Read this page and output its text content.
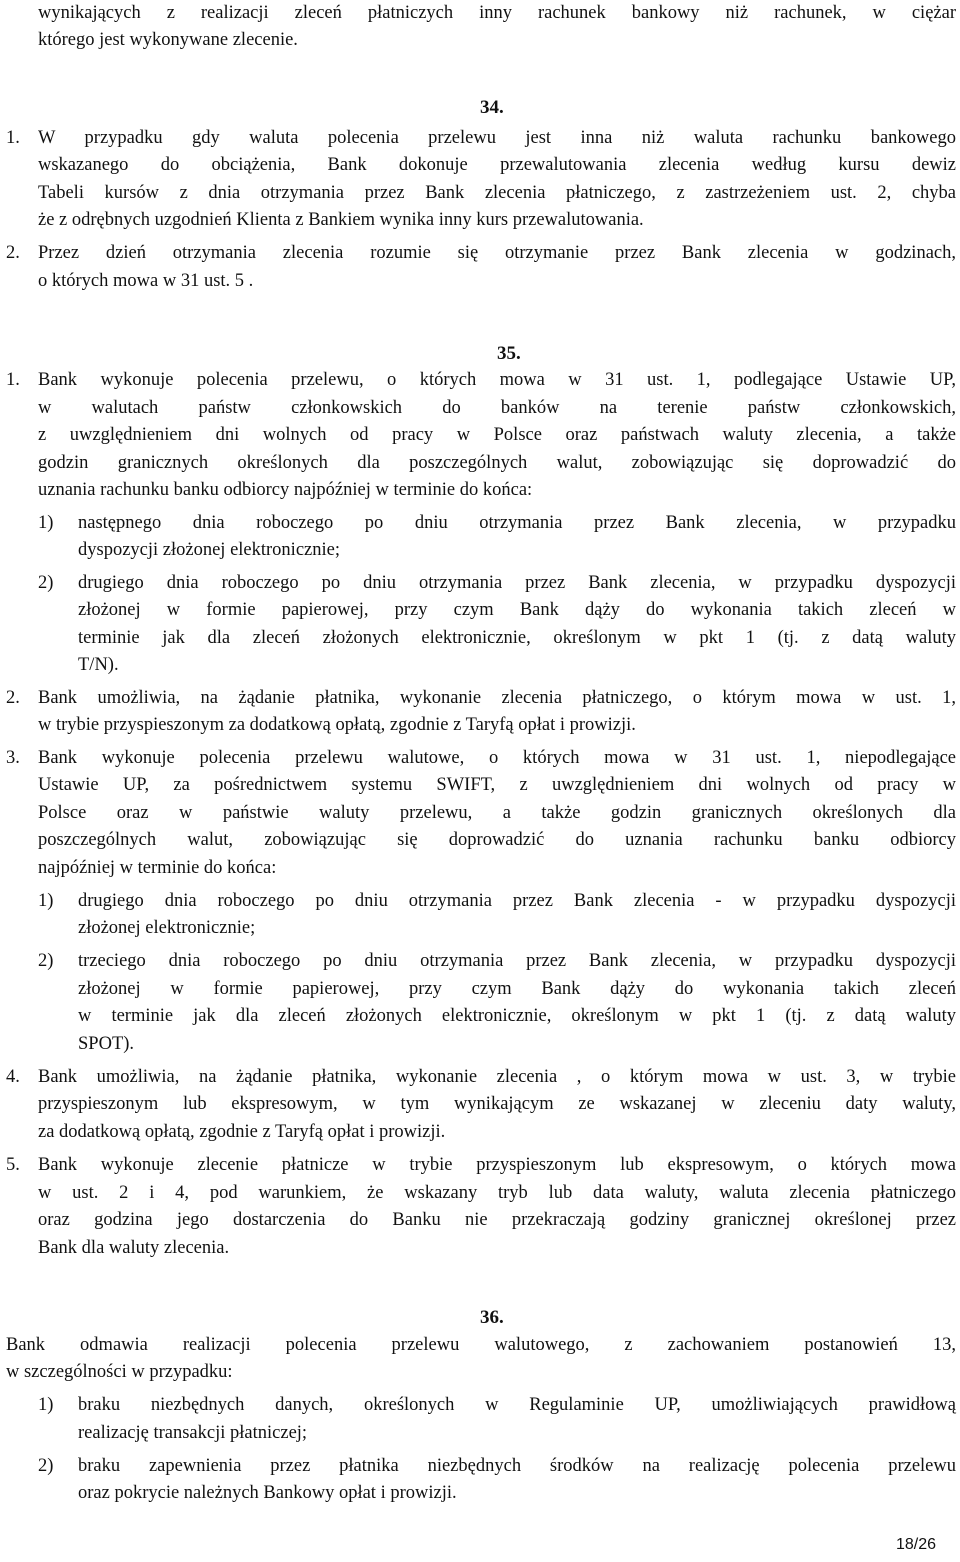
wynikających z realizacji zleceń płatniczych inny rachunek bankowy niż rachunek, w ciężar
którego jest wykonywane zlecenie.
34.
1. W przypadku gdy waluta polecenia przelewu jest inna niż waluta rachunku bankowego
wskazanego do obciążenia, Bank dokonuje przewalutowania zlecenia według kursu dewiz
Tabeli kursów z dnia otrzymania przez Bank zlecenia płatniczego, z zastrzeżeniem ust. 2, chyba
że z odrębnych uzgodnień Klienta z Bankiem wynika inny kurs przewalutowania.
2. Przez dzień otrzymania zlecenia rozumie się otrzymanie przez Bank zlecenia w godzinach,
o których mowa w 31 ust. 5 .
35.
1. Bank wykonuje polecenia przelewu, o których mowa w 31 ust. 1, podlegające Ustawie UP,
w walutach państw członkowskich do banków na terenie państw członkowskich,
z uwzględnieniem dni wolnych od pracy w Polsce oraz państwach waluty zlecenia, a także
godzin granicznych określonych dla poszczególnych walut, zobowiązując się doprowadzić do
uznania rachunku banku odbiorcy najpóźniej w terminie do końca:
1) następnego dnia roboczego po dniu otrzymania przez Bank zlecenia, w przypadku
dyspozycji złożonej elektronicznie;
2) drugiego dnia roboczego po dniu otrzymania przez Bank zlecenia, w przypadku dyspozycji
złożonej w formie papierowej, przy czym Bank dąży do wykonania takich zleceń w
terminie jak dla zleceń złożonych elektronicznie, określonym w pkt 1 (tj. z datą waluty
T/N).
2. Bank umożliwia, na żądanie płatnika, wykonanie zlecenia płatniczego, o którym mowa w ust. 1,
w trybie przyspieszonym za dodatkową opłatą, zgodnie z Taryfą opłat i prowizji.
3. Bank wykonuje polecenia przelewu walutowe, o których mowa w 31 ust. 1, niepodlegające
Ustawie UP, za pośrednictwem systemu SWIFT, z uwzględnieniem dni wolnych od pracy w
Polsce oraz w państwie waluty przelewu, a także godzin granicznych określonych dla
poszczególnych walut, zobowiązując się doprowadzić do uznania rachunku banku odbiorcy
najpóźniej w terminie do końca:
1) drugiego dnia roboczego po dniu otrzymania przez Bank zlecenia - w przypadku dyspozycji
złożonej elektronicznie;
2) trzeciego dnia roboczego po dniu otrzymania przez Bank zlecenia, w przypadku dyspozycji
złożonej w formie papierowej, przy czym Bank dąży do wykonania takich zleceń
w terminie jak dla zleceń złożonych elektronicznie, określonym w pkt 1 (tj. z datą waluty
SPOT).
4. Bank umożliwia, na żądanie płatnika, wykonanie zlecenia , o którym mowa w ust. 3, w trybie
przyspieszonym lub ekspresowym, w tym wynikającym ze wskazanej w zleceniu daty waluty,
za dodatkową opłatą, zgodnie z Taryfą opłat i prowizji.
5. Bank wykonuje zlecenie płatnicze w trybie przyspieszonym lub ekspresowym, o których mowa
w ust. 2 i 4, pod warunkiem, że wskazany tryb lub data waluty, waluta zlecenia płatniczego
oraz godzina jego dostarczenia do Banku nie przekraczają godziny granicznej określonej przez
Bank dla waluty zlecenia.
36.
Bank odmawia realizacji polecenia przelewu walutowego, z zachowaniem postanowień 13,
w szczególności w przypadku:
1) braku niezbędnych danych, określonych w Regulaminie UP, umożliwiających prawidłową
realizację transakcji płatniczej;
2) braku zapewnienia przez płatnika niezbędnych środków na realizację polecenia przelewu
oraz pokrycie należnych Bankowy opłat i prowizji.
18/26
